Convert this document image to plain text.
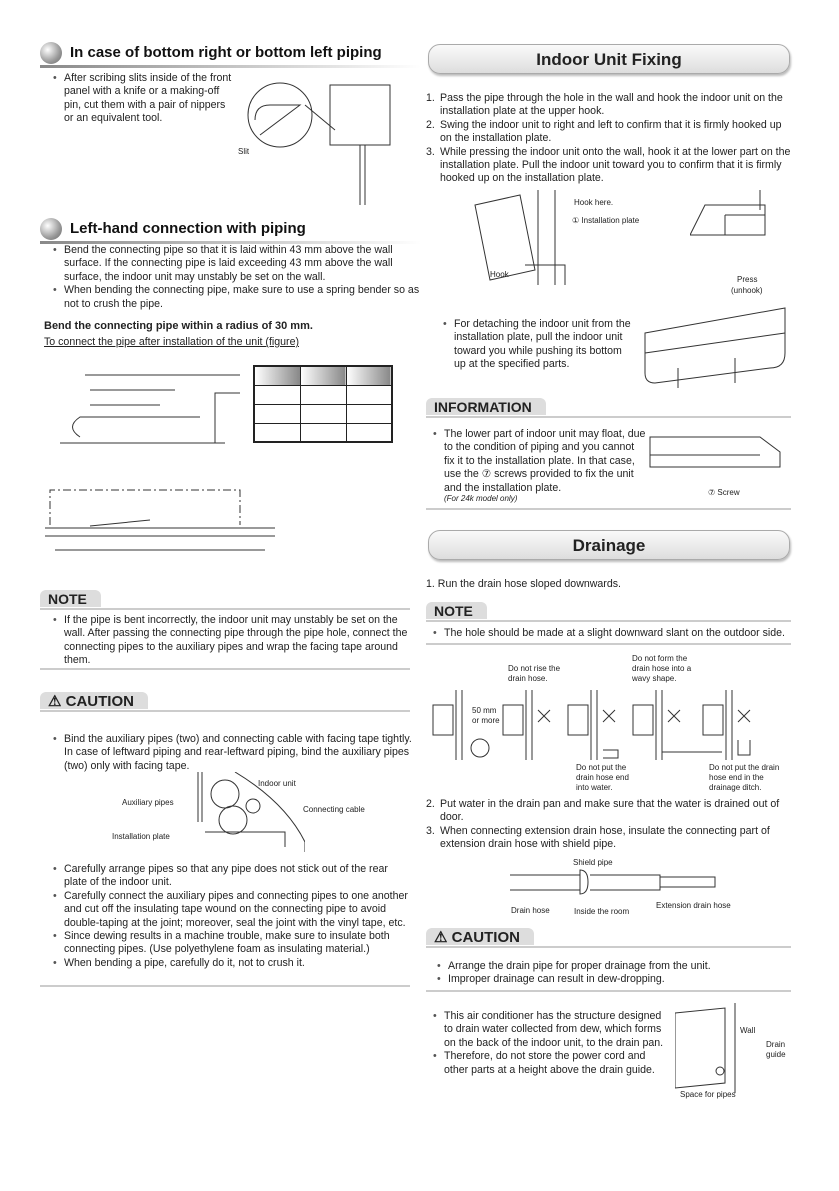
In case of bottom right or bottom left piping
• After scribing slits inside of the front panel with a knife or a making-off pin, cut them with a pair of nippers or an equivalent tool.
Slit
Left-hand connection with piping
• Bend the connecting pipe so that it is laid within 43 mm above the wall surface. If the connecting pipe is laid exceeding 43 mm above the wall surface, the indoor unit may unstably be set on the wall.
• When bending the connecting pipe, make sure to use a spring bender so as not to crush the pipe.
Bend the connecting pipe within a radius of 30 mm.
To connect the pipe after installation of the unit (figure)

NOTE
• If the pipe is bent incorrectly, the indoor unit may unstably be set on the wall. After passing the connecting pipe through the pipe hole, connect the connecting pipes to the auxiliary pipes and wrap the facing tape around them.
⚠ CAUTION
• Bind the auxiliary pipes (two) and connecting cable with facing tape tightly. In case of leftward piping and rear-leftward piping, bind the auxiliary pipes (two) only with facing tape.
Indoor unit
Auxiliary pipes
Connecting cable
Installation plate
• Carefully arrange pipes so that any pipe does not stick out of the rear plate of the indoor unit.
• Carefully connect the auxiliary pipes and connecting pipes to one another and cut off the insulating tape wound on the connecting pipe to avoid double-taping at the joint; moreover, seal the joint with the vinyl tape, etc.
• Since dewing results in a machine trouble, make sure to insulate both connecting pipes. (Use polyethylene foam as insulating material.)
• When bending a pipe, carefully do it, not to crush it.
Indoor Unit Fixing
1. Pass the pipe through the hole in the wall and hook the indoor unit on the installation plate at the upper hook.
2. Swing the indoor unit to right and left to confirm that it is firmly hooked up on the installation plate.
3. While pressing the indoor unit onto the wall, hook it at the lower part on the installation plate. Pull the indoor unit toward you to confirm that it is firmly hooked up on the installation plate.
Hook here.
① Installation plate
Hook
Press
(unhook)
• For detaching the indoor unit from the installation plate, pull the indoor unit toward you while pushing its bottom up at the specified parts.
INFORMATION
• The lower part of indoor unit may float, due to the condition of piping and you cannot fix it to the installation plate. In that case, use the ⑦ screws provided to fix the unit and the installation plate.
(For 24k model only)
⑦ Screw
Drainage
1. Run the drain hose sloped downwards.
NOTE
• The hole should be made at a slight downward slant on the outdoor side.
50 mm
or more
Do not rise the drain hose.
Do not form the drain hose into a wavy shape.
Do not put the drain hose end into water.
Do not put the drain hose end in the drainage ditch.
2. Put water in the drain pan and make sure that the water is drained out of door.
3. When connecting extension drain hose, insulate the connecting part of extension drain hose with shield pipe.
Shield pipe
Drain hose	Inside the room
Extension drain hose
⚠ CAUTION
• Arrange the drain pipe for proper drainage from the unit.
• Improper drainage can result in dew-dropping.
• This air conditioner has the structure designed to drain water collected from dew, which forms on the back of the indoor unit, to the drain pan.
• Therefore, do not store the power cord and other parts at a height above the drain guide.
Wall
Drain
guide
Space for pipes
